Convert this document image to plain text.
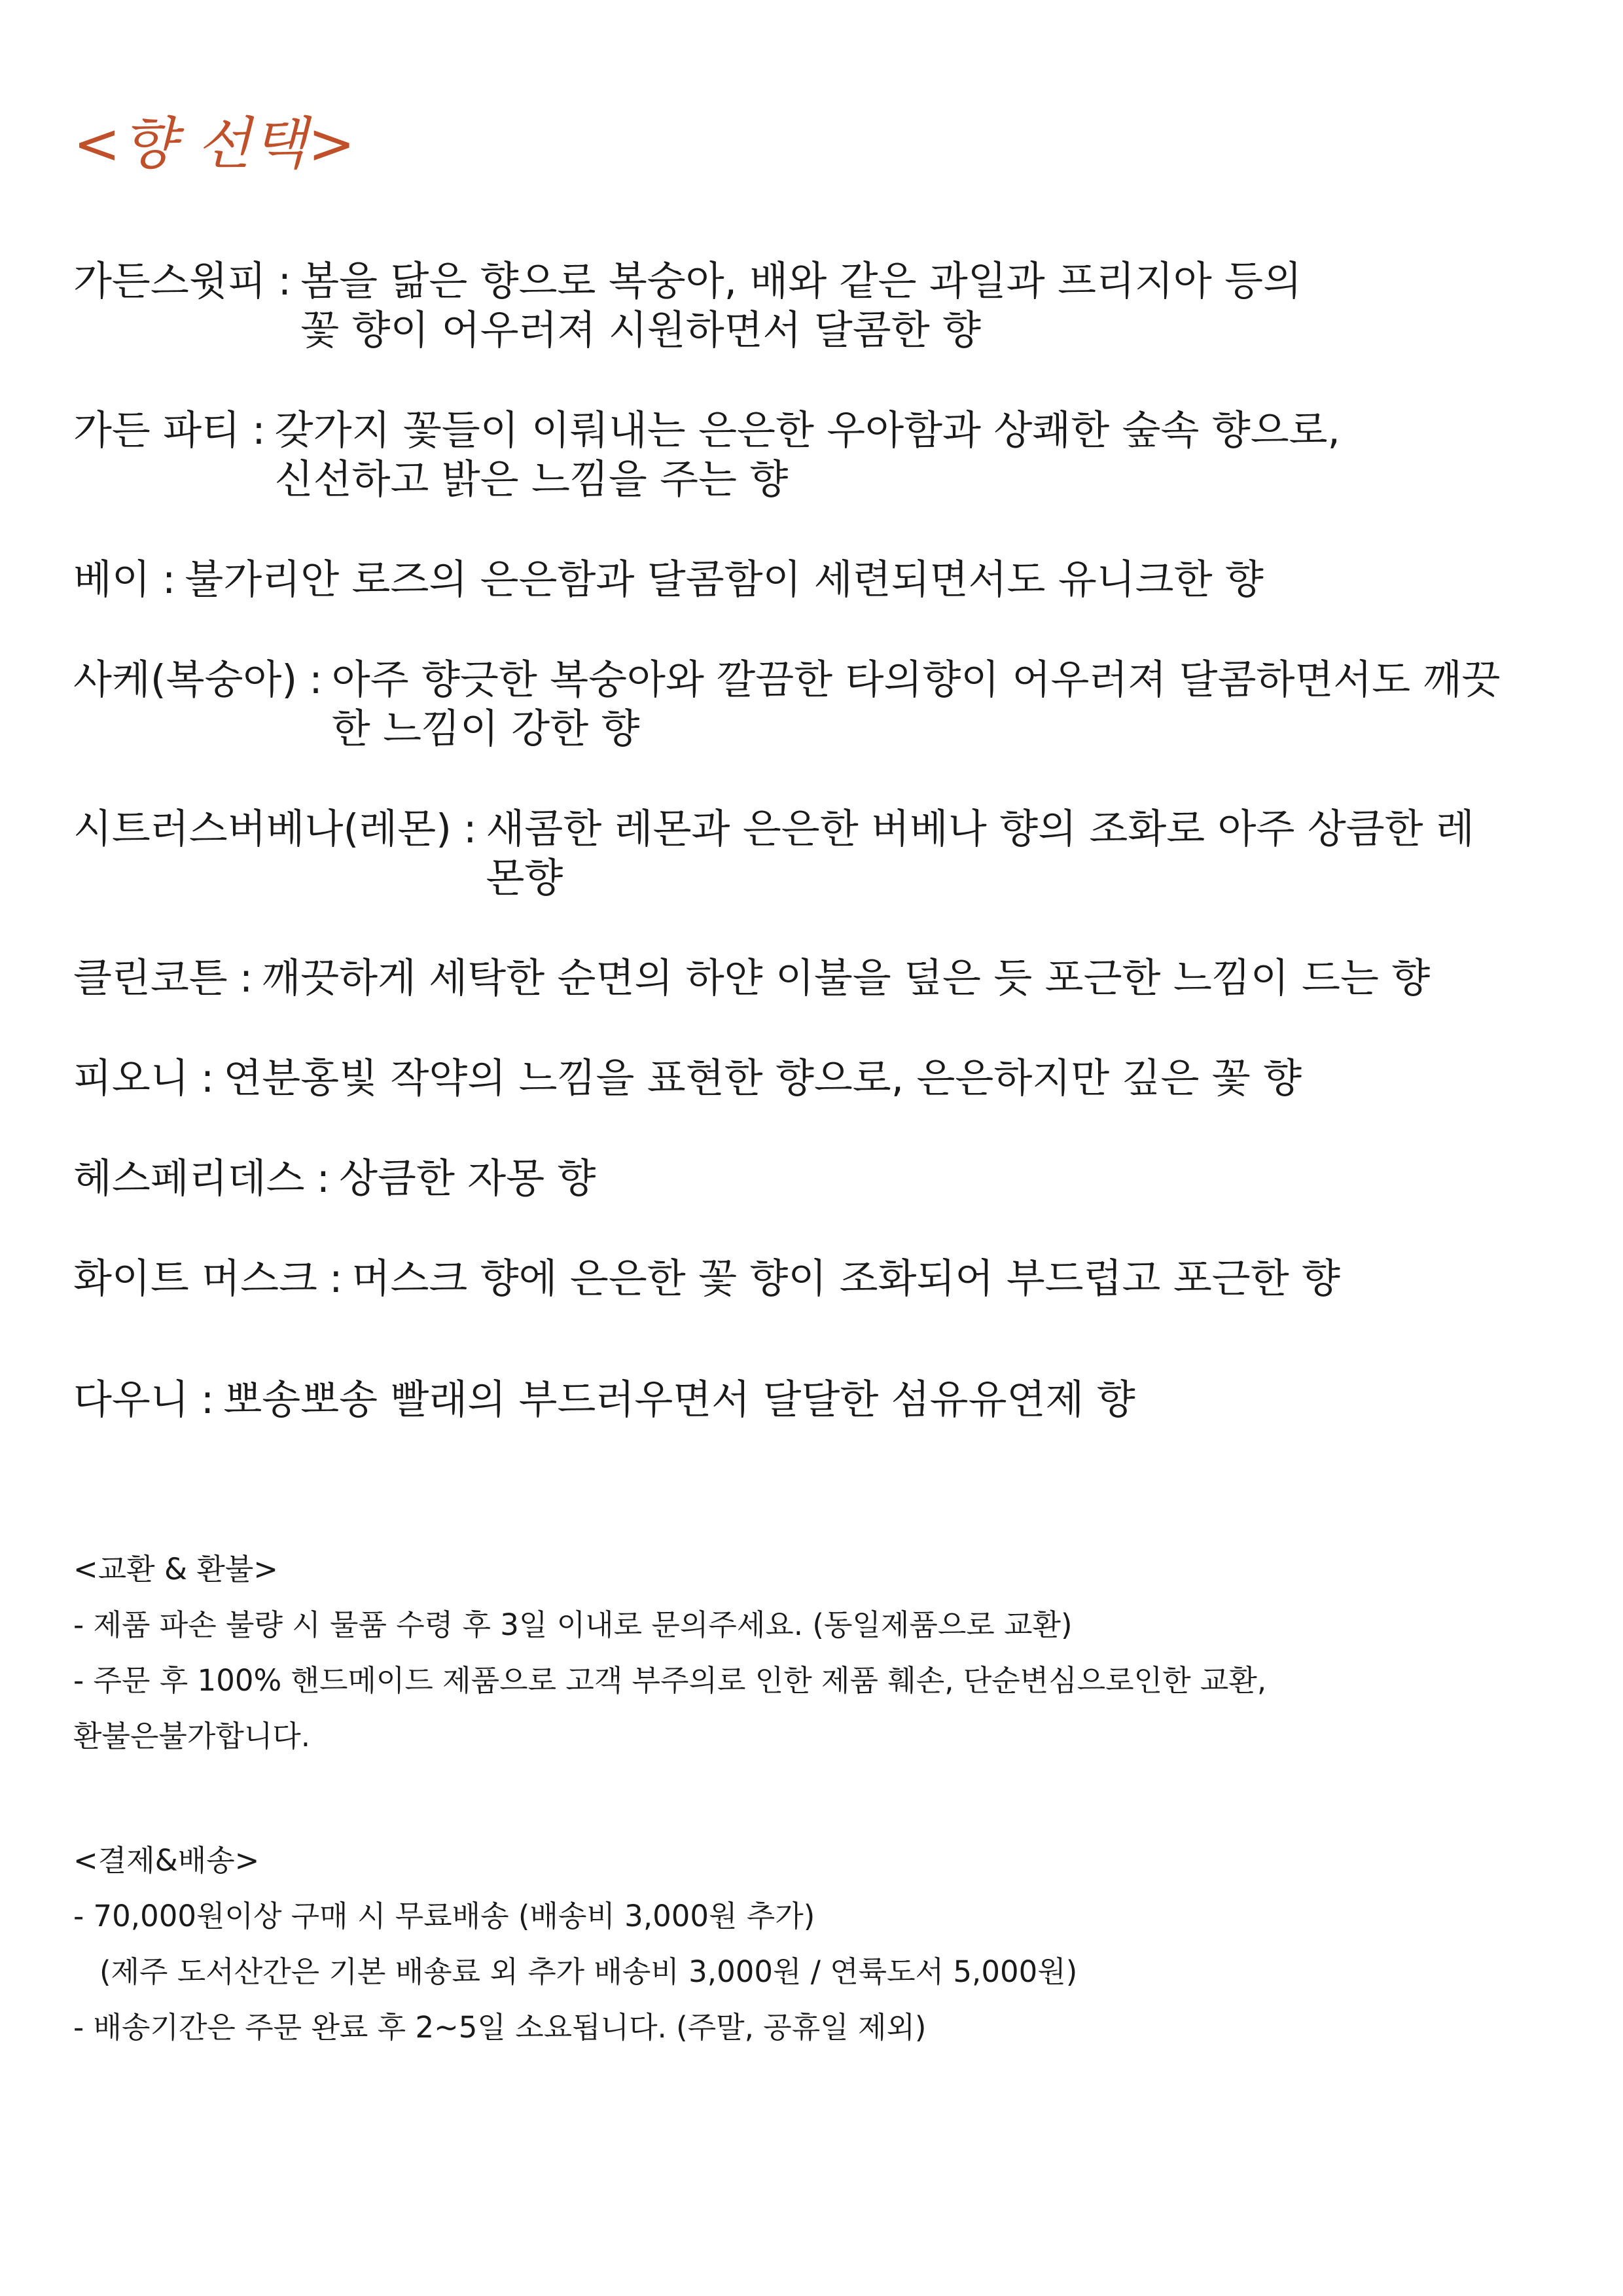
<향 선택>
가든스윗피 : 봄을 닮은 향으로 복숭아, 배와 같은 과일과 프리지아 등의 꽃 향이 어우러져 시원하면서 달콤한 향
가든 파티 : 갖가지 꽃들이 이뤄내는 은은한 우아함과 상쾌한 숲속 향으로, 신선하고 밝은 느낌을 주는 향
베이 : 불가리안 로즈의 은은함과 달콤함이 세련되면서도 유니크한 향
사케(복숭아) : 아주 향긋한 복숭아와 깔끔한 타의향이 어우러져 달콤하면서도 깨끗한 느낌이 강한 향
시트러스버베나(레몬) : 새콤한 레몬과 은은한 버베나 향의 조화로 아주 상큼한 레몬향
클린코튼 : 깨끗하게 세탁한 순면의 하얀 이불을 덮은 듯 포근한 느낌이 드는 향
피오니 : 연분홍빛 작약의 느낌을 표현한 향으로, 은은하지만 깊은 꽃 향
헤스페리데스 : 상큼한 자몽 향
화이트 머스크 : 머스크 향에 은은한 꽃 향이 조화되어 부드럽고 포근한 향
다우니 : 뽀송뽀송 빨래의 부드러우면서 달달한 섬유유연제 향
<교환 & 환불>
- 제품 파손 불량 시 물품 수령 후 3일 이내로 문의주세요. (동일제품으로 교환)
- 주문 후 100% 핸드메이드 제품으로 고객 부주의로 인한 제품 훼손, 단순변심으로인한 교환,
환불은불가합니다.
<결제&배송>
- 70,000원이상 구매 시 무료배송 (배송비 3,000원 추가)
(제주 도서산간은 기본 배숑료 외 추가 배송비 3,000원 / 연륙도서 5,000원)
- 배송기간은 주문 완료 후 2~5일 소요됩니다. (주말, 공휴일 제외)
